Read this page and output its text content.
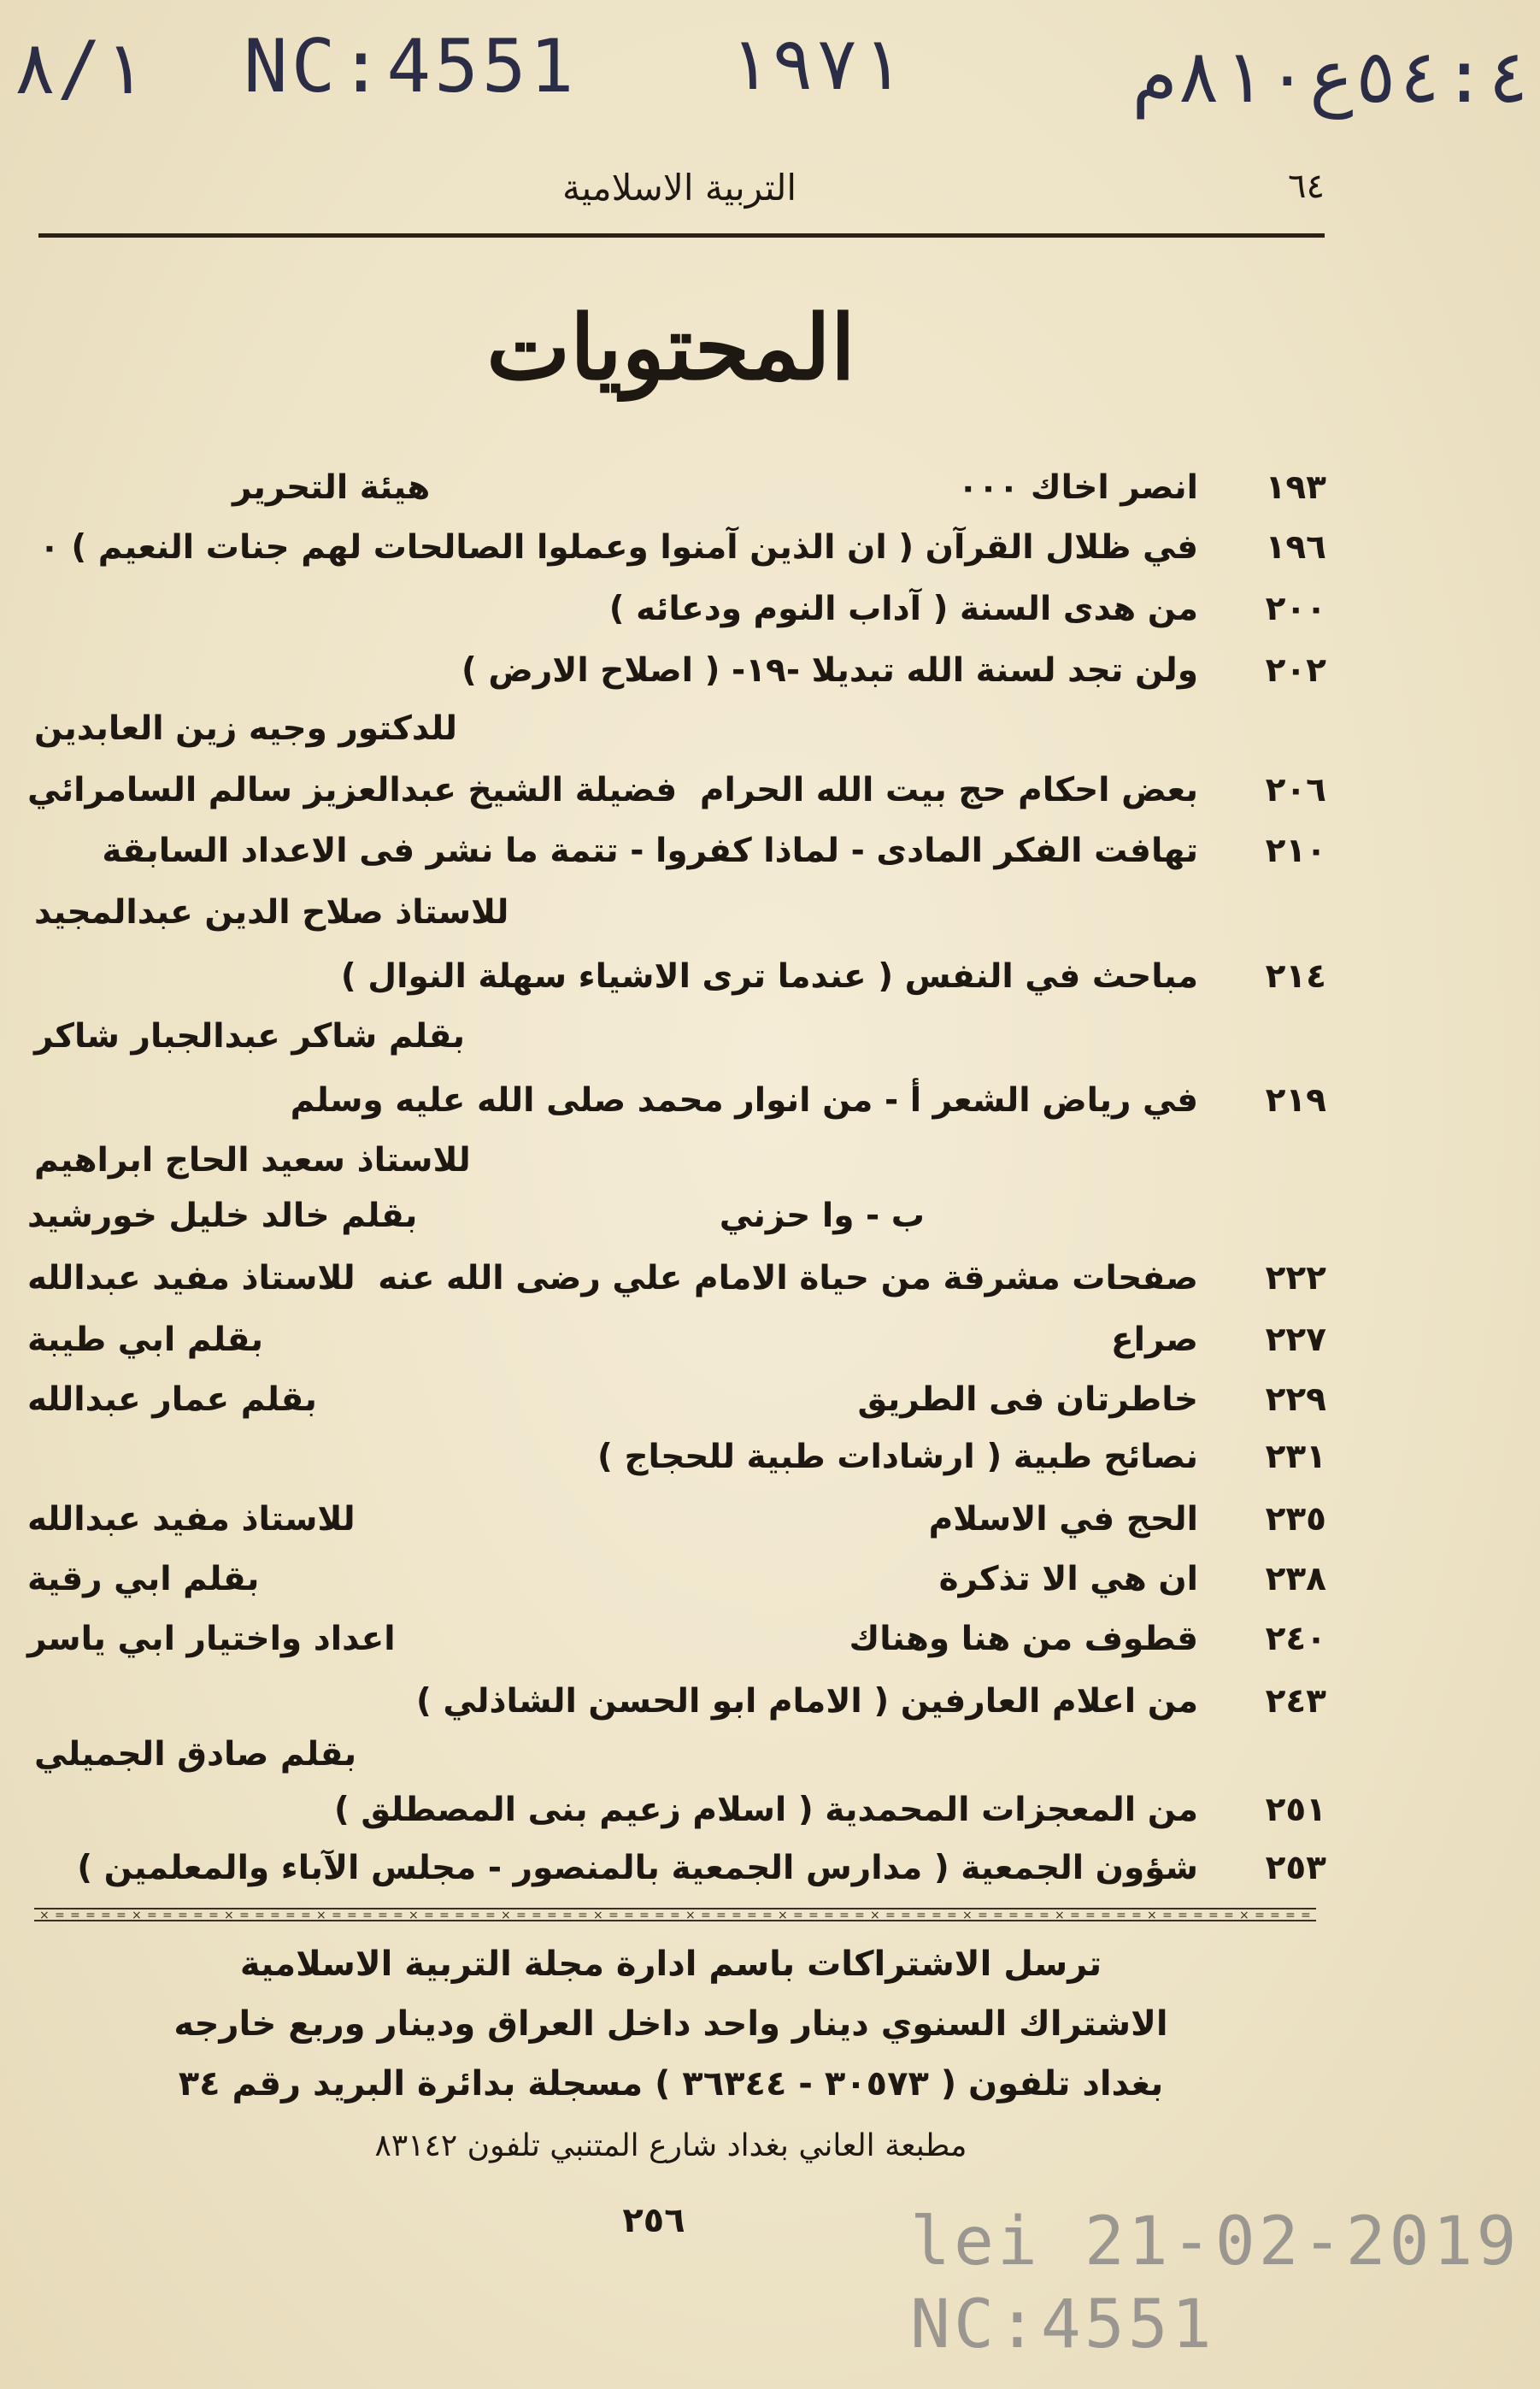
٨/١ NC:4551 ١٩٧١	٥٤:٤ع٨١٠م
٦٤
التربية الاسلامية
المحتويات
١٩٣
انصر اخاك ٠٠٠
هيئة التحرير
١٩٦
في ظلال القرآن ( ان الذين آمنوا وعملوا الصالحات لهم جنات النعيم ) ٠
٢٠٠
من هدى السنة ( آداب النوم ودعائه )
٢٠٢
ولن تجد لسنة الله تبديلا -١٩- ( اصلاح الارض )
للدكتور وجيه زين العابدين
٢٠٦
بعض احكام حج بيت الله الحرام
فضيلة الشيخ عبدالعزيز سالم السامرائي
٢١٠
تهافت الفكر المادى - لماذا كفروا - تتمة ما نشر فى الاعداد السابقة
للاستاذ صلاح الدين عبدالمجيد
٢١٤
مباحث في النفس ( عندما ترى الاشياء سهلة النوال )
بقلم شاكر عبدالجبار شاكر
٢١٩
في رياض الشعر أ - من انوار محمد صلى الله عليه وسلم
للاستاذ سعيد الحاج ابراهيم
ب - وا حزني
بقلم خالد خليل خورشيد
٢٢٢
صفحات مشرقة من حياة الامام علي رضى الله عنه
للاستاذ مفيد عبدالله
٢٢٧
صراع
بقلم ابي طيبة
٢٢٩
خاطرتان فى الطريق
بقلم عمار عبدالله
٢٣١
نصائح طبية ( ارشادات طبية للحجاج )
٢٣٥
الحج في الاسلام
للاستاذ مفيد عبدالله
٢٣٨
ان هي الا تذكرة
بقلم ابي رقية
٢٤٠
قطوف من هنا وهناك
اعداد واختيار ابي ياسر
٢٤٣
من اعلام العارفين ( الامام ابو الحسن الشاذلي )
بقلم صادق الجميلي
٢٥١
من المعجزات المحمدية ( اسلام زعيم بنى المصطلق )
٢٥٣
شؤون الجمعية ( مدارس الجمعية بالمنصور - مجلس الآباء والمعلمين )
× = = = = = × = = = = = × = = = = = × = = = = = × = = = = = × = = = = = × = = = = = × = = = = = × = = = = = × = = = = = × = = = = = × = = = = = × = = = = = × = = = =
ترسل الاشتراكات باسم ادارة مجلة التربية الاسلامية
الاشتراك السنوي دينار واحد داخل العراق ودينار وربع خارجه
بغداد تلفون ( ٣٠٥٧٣ - ٣٦٣٤٤ ) مسجلة بدائرة البريد رقم ٣٤
مطبعة العاني بغداد شارع المتنبي تلفون ٨٣١٤٢
٢٥٦	lei 21-02-2019
NC:4551
